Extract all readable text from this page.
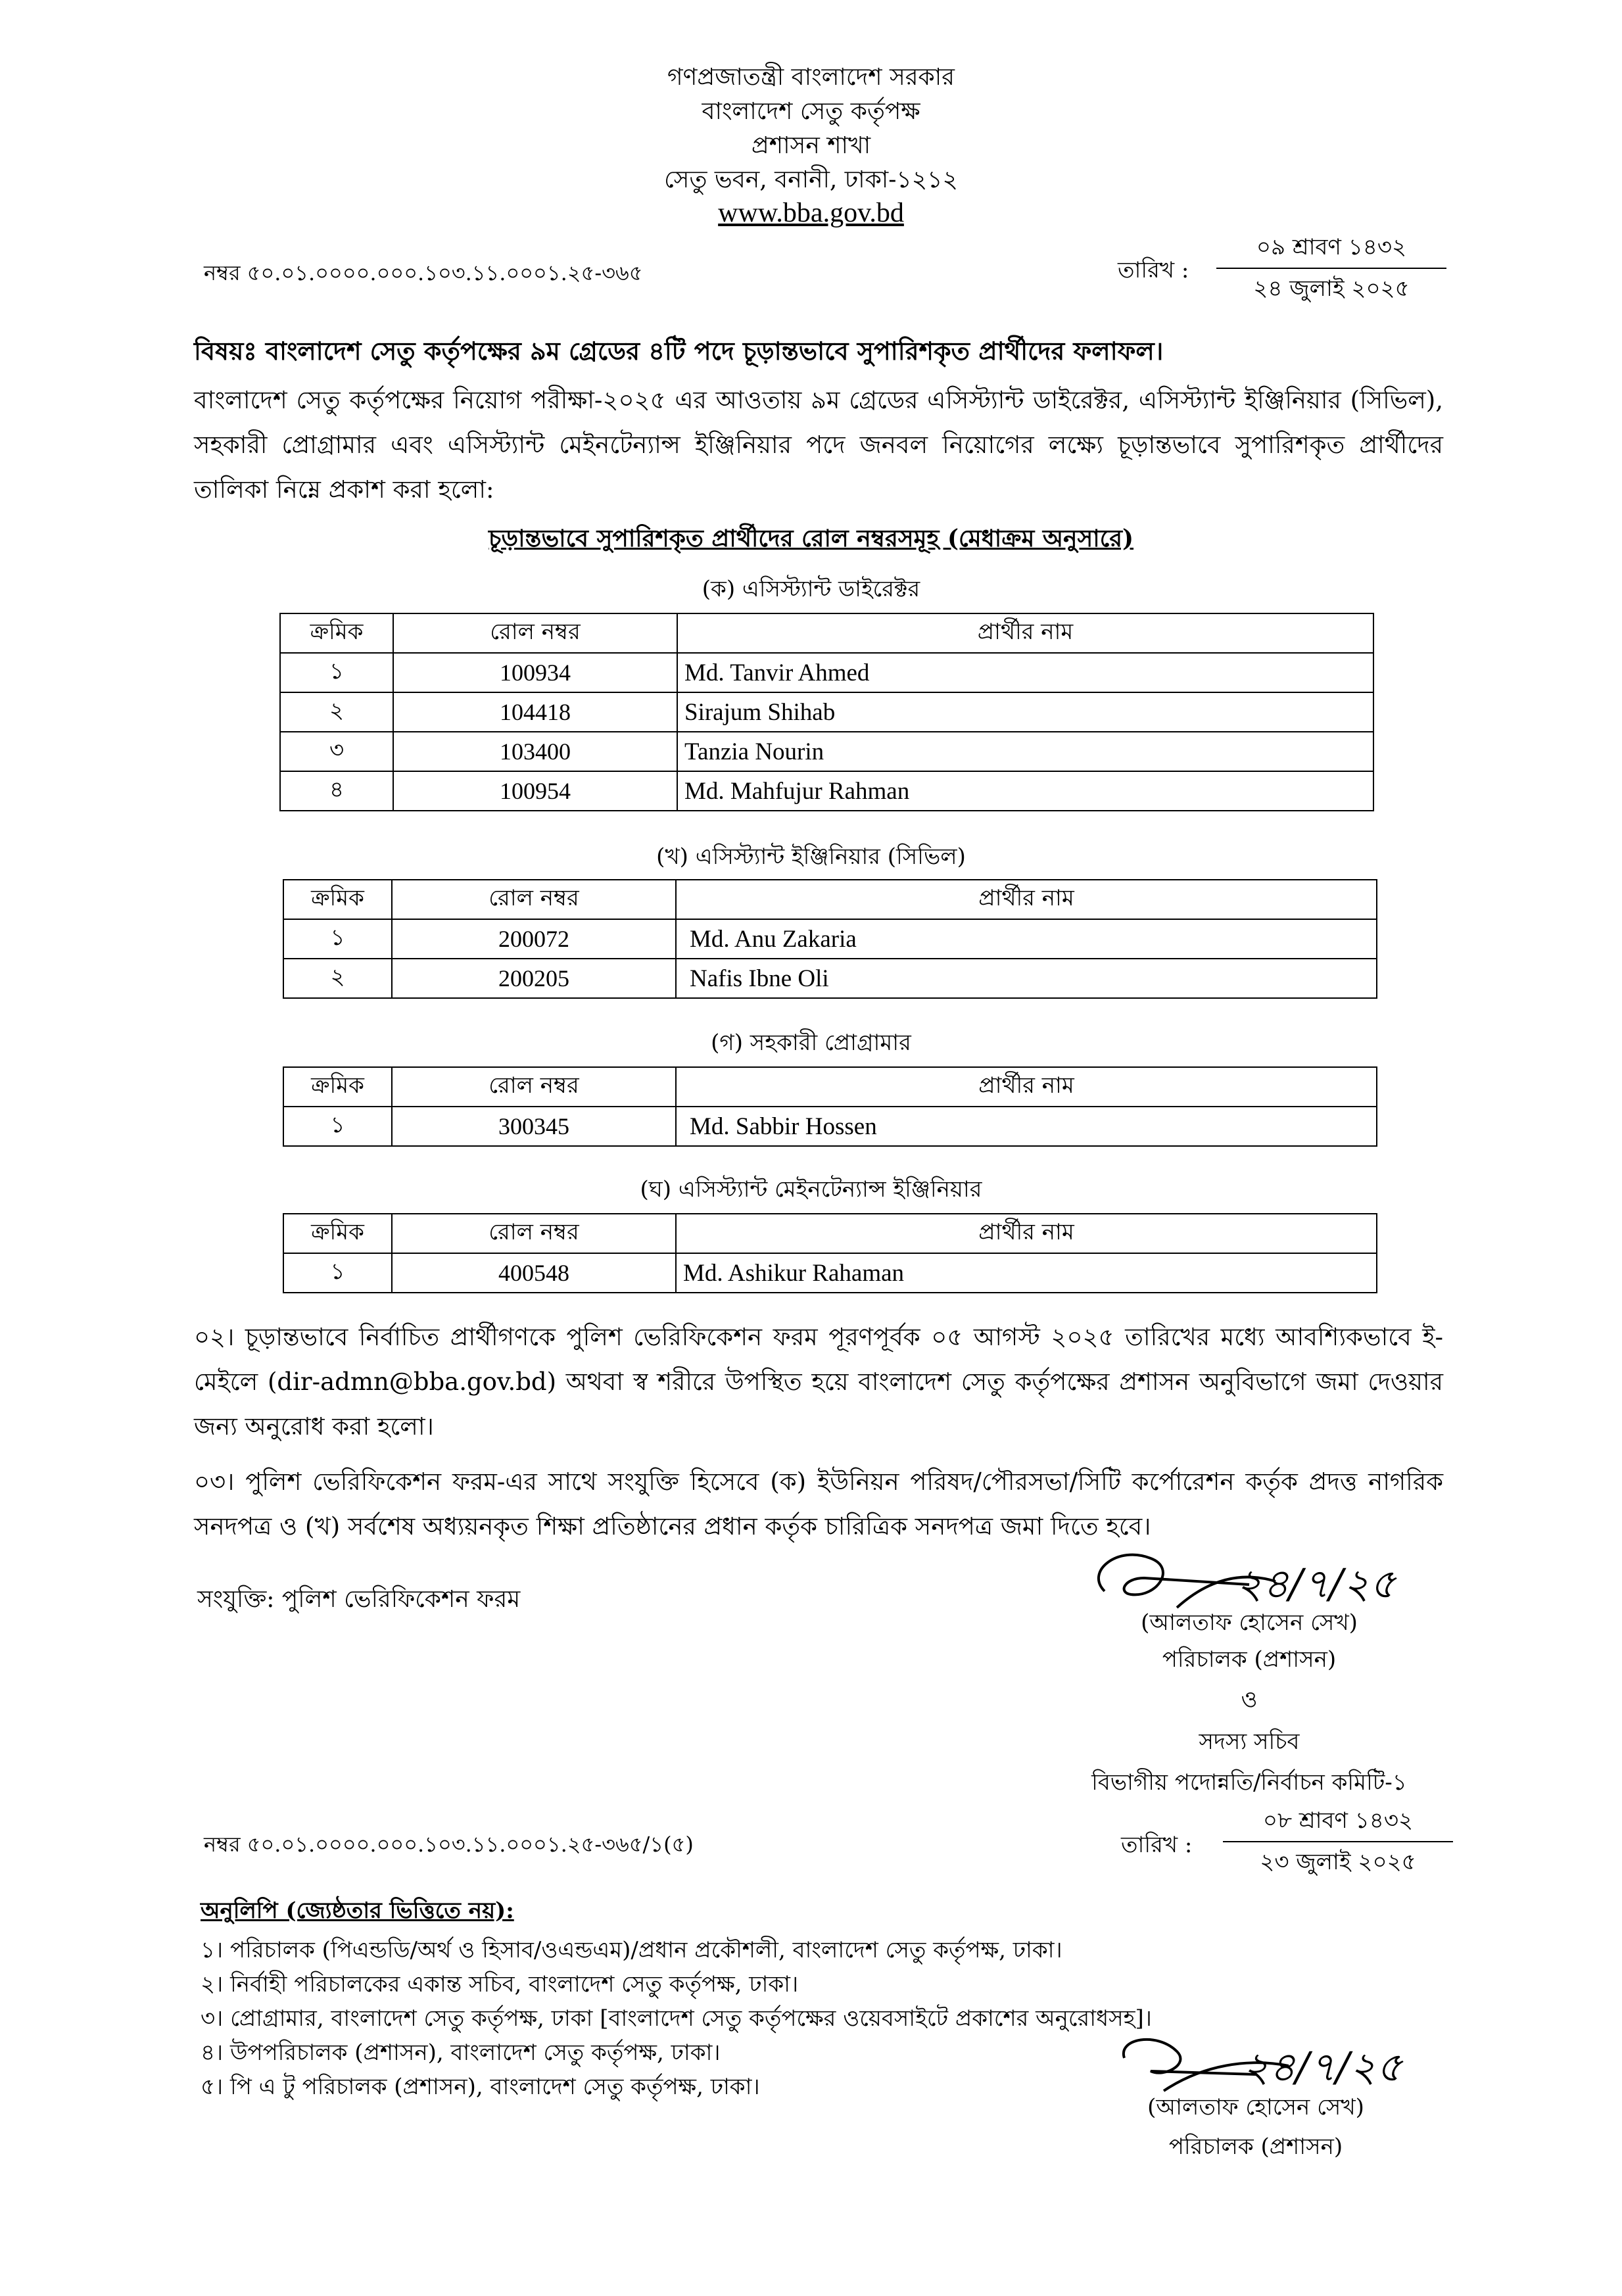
গণপ্রজাতন্ত্রী বাংলাদেশ সরকার
বাংলাদেশ সেতু কর্তৃপক্ষ
প্রশাসন শাখা
সেতু ভবন, বনানী, ঢাকা-১২১২
www.bba.gov.bd
নম্বর ৫০.০১.০০০০.০০০.১০৩.১১.০০০১.২৫-৩৬৫	তারিখ :
০৯ শ্রাবণ ১৪৩২
২৪ জুলাই ২০২৫
বিষয়ঃ বাংলাদেশ সেতু কর্তৃপক্ষের ৯ম গ্রেডের ৪টি পদে চূড়ান্তভাবে সুপারিশকৃত প্রার্থীদের ফলাফল।
বাংলাদেশ সেতু কর্তৃপক্ষের নিয়োগ পরীক্ষা-২০২৫ এর আওতায় ৯ম গ্রেডের এসিস্ট্যান্ট ডাইরেক্টর, এসিস্ট্যান্ট ইঞ্জিনিয়ার (সিভিল), সহকারী প্রোগ্রামার এবং এসিস্ট্যান্ট মেইনটেন্যান্স ইঞ্জিনিয়ার পদে জনবল নিয়োগের লক্ষ্যে চূড়ান্তভাবে সুপারিশকৃত প্রার্থীদের তালিকা নিম্নে প্রকাশ করা হলো:
চূড়ান্তভাবে সুপারিশকৃত প্রার্থীদের রোল নম্বরসমূহ (মেধাক্রম অনুসারে)
(ক) এসিস্ট্যান্ট ডাইরেক্টর
ক্রমিক	রোল নম্বর	প্রার্থীর নাম
১	100934	Md. Tanvir Ahmed
২	104418	Sirajum Shihab
৩	103400	Tanzia Nourin
৪	100954	Md. Mahfujur Rahman
(খ) এসিস্ট্যান্ট ইঞ্জিনিয়ার (সিভিল)
ক্রমিক	রোল নম্বর	প্রার্থীর নাম
১	200072	Md. Anu Zakaria
২	200205	Nafis Ibne Oli
(গ) সহকারী প্রোগ্রামার
ক্রমিক	রোল নম্বর	প্রার্থীর নাম
১	300345	Md. Sabbir Hossen
(ঘ) এসিস্ট্যান্ট মেইনটেন্যান্স ইঞ্জিনিয়ার
ক্রমিক	রোল নম্বর	প্রার্থীর নাম
১	400548	Md. Ashikur Rahaman
০২। চূড়ান্তভাবে নির্বাচিত প্রার্থীগণকে পুলিশ ভেরিফিকেশন ফরম পূরণপূর্বক ০৫ আগস্ট ২০২৫ তারিখের মধ্যে আবশ্যিকভাবে ই-মেইলে (dir-admn@bba.gov.bd) অথবা স্ব শরীরে উপস্থিত হয়ে বাংলাদেশ সেতু কর্তৃপক্ষের প্রশাসন অনুবিভাগে জমা দেওয়ার জন্য অনুরোধ করা হলো।
০৩। পুলিশ ভেরিফিকেশন ফরম-এর সাথে সংযুক্তি হিসেবে (ক) ইউনিয়ন পরিষদ/পৌরসভা/সিটি কর্পোরেশন কর্তৃক প্রদত্ত নাগরিক সনদপত্র ও (খ) সর্বশেষ অধ্যয়নকৃত শিক্ষা প্রতিষ্ঠানের প্রধান কর্তৃক চারিত্রিক সনদপত্র জমা দিতে হবে।
সংযুক্তি: পুলিশ ভেরিফিকেশন ফরম	২৪/৭/২৫
(আলতাফ হোসেন সেখ)
পরিচালক (প্রশাসন)
ও
সদস্য সচিব
বিভাগীয় পদোন্নতি/নির্বাচন কমিটি-১
নম্বর ৫০.০১.০০০০.০০০.১০৩.১১.০০০১.২৫-৩৬৫/১(৫)	তারিখ :
০৮ শ্রাবণ ১৪৩২
২৩ জুলাই ২০২৫
অনুলিপি (জ্যেষ্ঠতার ভিত্তিতে নয়):
১। পরিচালক (পিএন্ডডি/অর্থ ও হিসাব/ওএন্ডএম)/প্রধান প্রকৌশলী, বাংলাদেশ সেতু কর্তৃপক্ষ, ঢাকা।
২। নির্বাহী পরিচালকের একান্ত সচিব, বাংলাদেশ সেতু কর্তৃপক্ষ, ঢাকা।
৩। প্রোগ্রামার, বাংলাদেশ সেতু কর্তৃপক্ষ, ঢাকা [বাংলাদেশ সেতু কর্তৃপক্ষের ওয়েবসাইটে প্রকাশের অনুরোধসহ]।
৪। উপপরিচালক (প্রশাসন), বাংলাদেশ সেতু কর্তৃপক্ষ, ঢাকা।
৫। পি এ টু পরিচালক (প্রশাসন), বাংলাদেশ সেতু কর্তৃপক্ষ, ঢাকা।	২৪/৭/২৫
(আলতাফ হোসেন সেখ)
পরিচালক (প্রশাসন)
